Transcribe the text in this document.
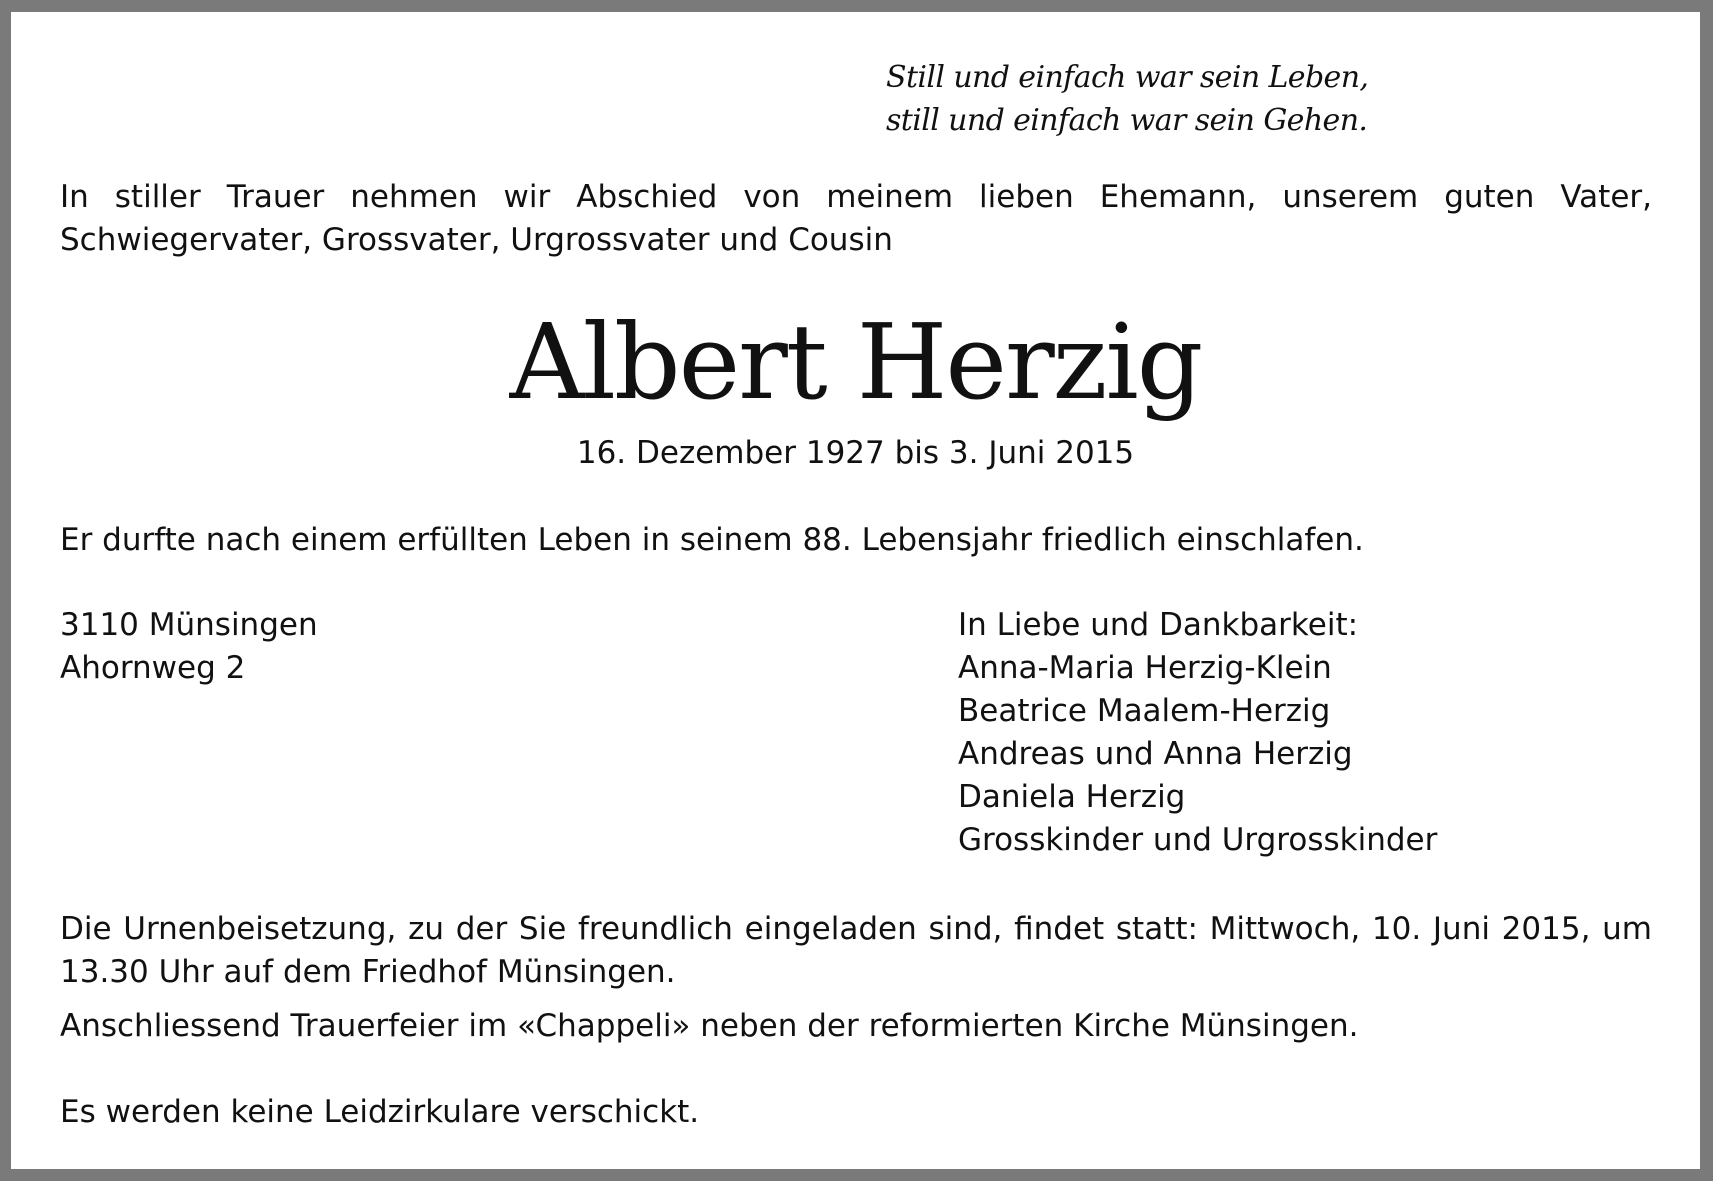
Still und einfach war sein Leben,
still und einfach war sein Gehen.
In stiller Trauer nehmen wir Abschied von meinem lieben Ehemann, unserem guten Vater, Schwiegervater, Grossvater, Urgrossvater und Cousin
Albert Herzig
16. Dezember 1927 bis 3. Juni 2015
Er durfte nach einem erfüllten Leben in seinem 88. Lebensjahr friedlich einschlafen.
3110 Münsingen
Ahornweg 2
In Liebe und Dankbarkeit:
Anna-Maria Herzig-Klein
Beatrice Maalem-Herzig
Andreas und Anna Herzig
Daniela Herzig
Grosskinder und Urgrosskinder
Die Urnenbeisetzung, zu der Sie freundlich eingeladen sind, findet statt: Mittwoch, 10. Juni 2015, um 13.30 Uhr auf dem Friedhof Münsingen.
Anschliessend Trauerfeier im «Chappeli» neben der reformierten Kirche Münsingen.
Es werden keine Leidzirkulare verschickt.
